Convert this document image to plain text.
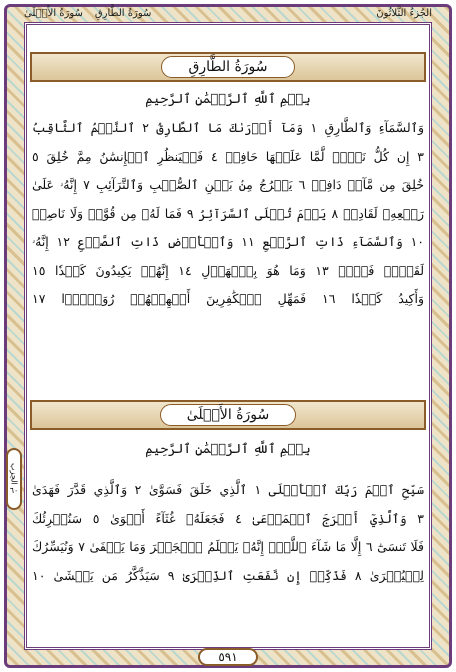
الجُزءُ الثَّلاثُونَ
سُورَةُ الطَّارِقِ
سُورَةُ الأَعۡلَىٰ
سُورَةُ الطَّارِقِ
بِسۡمِ ٱللَّهِ ٱلرَّحۡمَٰنِ ٱلرَّحِيمِ
وَٱلسَّمَآءِ وَٱلطَّارِقِ ١ وَمَآ أَدۡرَىٰكَ مَا ٱلطَّارِقُ ٢ ٱلنَّجۡمُ ٱلثَّاقِبُ
٣ إِن كُلُّ نَفۡسٖ لَّمَّا عَلَيۡهَا حَافِظٞ ٤ فَلۡيَنظُرِ ٱلۡإِنسَٰنُ مِمَّ خُلِقَ ٥
خُلِقَ مِن مَّآءٖ دَافِقٖ ٦ يَخۡرُجُ مِنۢ بَيۡنِ ٱلصُّلۡبِ وَٱلتَّرَآئِبِ ٧ إِنَّهُۥ عَلَىٰ
رَجۡعِهِۦ لَقَادِرٞ ٨ يَوۡمَ تُبۡلَى ٱلسَّرَآئِرُ ٩ فَمَا لَهُۥ مِن قُوَّةٖ وَلَا نَاصِرٖ
١٠ وَٱلسَّمَآءِ ذَاتِ ٱلرَّجۡعِ ١١ وَٱلۡأَرۡضِ ذَاتِ ٱلصَّدۡعِ ١٢ إِنَّهُۥ
لَقَوۡلٞ فَصۡلٞ ١٣ وَمَا هُوَ بِٱلۡهَزۡلِ ١٤ إِنَّهُمۡ يَكِيدُونَ كَيۡدٗا ١٥
وَأَكِيدُ كَيۡدٗا ١٦ فَمَهِّلِ ٱلۡكَٰفِرِينَ أَمۡهِلۡهُمۡ رُوَيۡدَۢا ١٧
سُورَةُ الأَعۡلَىٰ
بِسۡمِ ٱللَّهِ ٱلرَّحۡمَٰنِ ٱلرَّحِيمِ
سَبِّحِ ٱسۡمَ رَبِّكَ ٱلۡأَعۡلَى ١ ٱلَّذِي خَلَقَ فَسَوَّىٰ ٢ وَٱلَّذِي قَدَّرَ فَهَدَىٰ
٣ وَٱلَّذِيٓ أَخۡرَجَ ٱلۡمَرۡعَىٰ ٤ فَجَعَلَهُۥ غُثَآءً أَحۡوَىٰ ٥ سَنُقۡرِئُكَ
فَلَا تَنسَىٰٓ ٦ إِلَّا مَا شَآءَ ٱللَّهُۚ إِنَّهُۥ يَعۡلَمُ ٱلۡجَهۡرَ وَمَا يَخۡفَىٰ ٧ وَنُيَسِّرُكَ
لِلۡيُسۡرَىٰ ٨ فَذَكِّرۡ إِن نَّفَعَتِ ٱلذِّكۡرَىٰ ٩ سَيَذَّكَّرُ مَن يَخۡشَىٰ ١٠
الحِزب
٦٠
٥٩١
